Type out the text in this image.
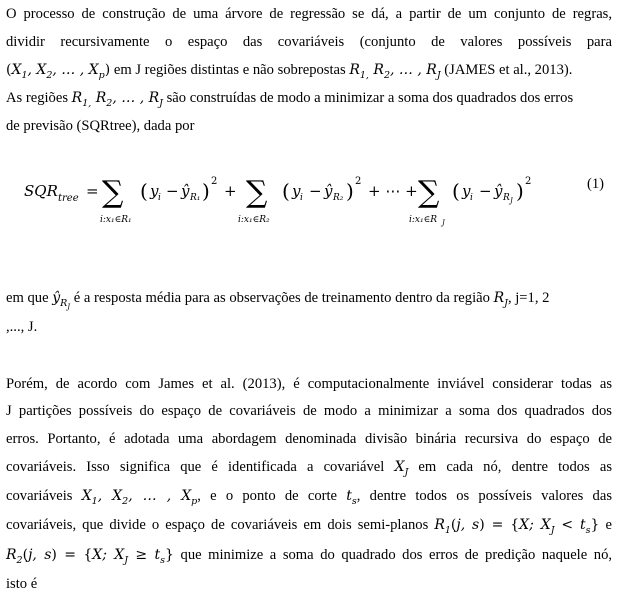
O processo de construção de uma árvore de regressão se dá, a partir de um conjunto de regras,
dividir recursivamente o espaço das covariáveis (conjunto de valores possíveis para
($X_1$, $X_2$, … , $X_p$) em J regiões distintas e não sobrepostas $R_{1,}$ $R_2$, … , $R_J$ (JAMES et al., 2013).
As regiões $R_{1,}$ $R_2$, … , $R_J$ são construídas de modo a minimizar a soma dos quadrados dos erros
de previsão (SQRtree), dada por
SQR tree = ∑
i:x₁∈R₁
( y i − ŷ R₁ ) 2
+ ∑
i:x₁∈R₂
( y i − ŷ R₂ ) 2
+ ⋯ + ∑
i:x₁∈R J
( y i − ŷ R J ) 2	(1)
em que $ŷ_{R_J}$ é a resposta média para as observações de treinamento dentro da região $R_J$, j=1, 2
,..., J.
Porém, de acordo com James et al. (2013), é computacionalmente inviável considerar todas as
J partições possíveis do espaço de covariáveis de modo a minimizar a soma dos quadrados dos
erros. Portanto, é adotada uma abordagem denominada divisão binária recursiva do espaço de
covariáveis. Isso significa que é identificada a covariável $X_J$ em cada nó, dentre todos as
covariáveis $X_1$, $X_2$, … , $X_p$, e o ponto de corte $t_s$, dentre todos os possíveis valores das
covariáveis, que divide o espaço de covariáveis em dois semi-planos $R_1(j$, s) = {X; $X_J < t_s$} e
$R_2(j$, s) = {X; $X_J \ge t_s$} que minimize a soma do quadrado dos erros de predição naquele nó,
isto é
